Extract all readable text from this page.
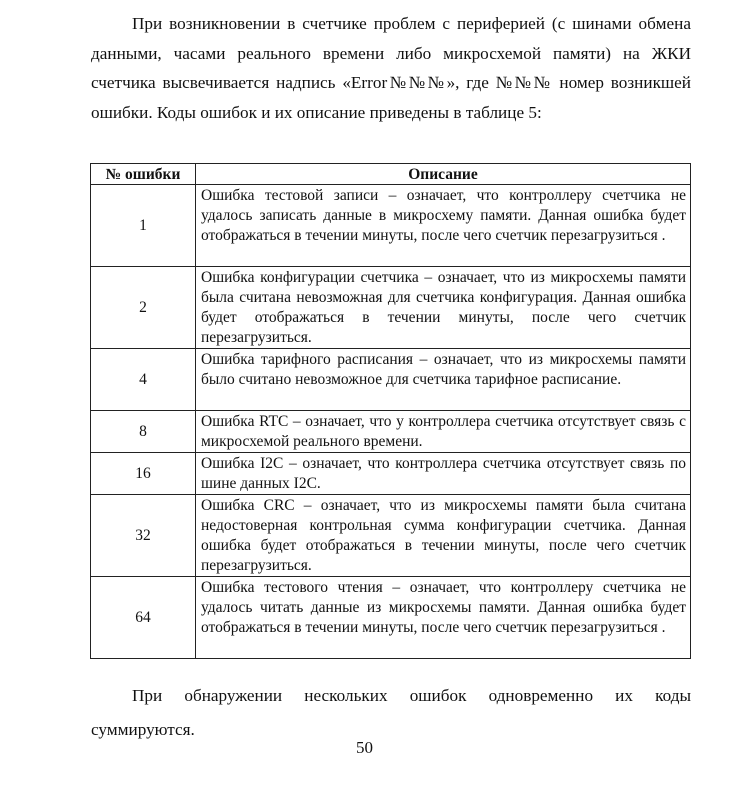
При возникновении в счетчике проблем с периферией (с шинами обмена данными, часами реального времени либо микросхемой памяти) на ЖКИ счетчика высвечивается надпись «Error№№№», где №№№ номер возникшей ошибки. Коды ошибок и их описание приведены в таблице 5:

№ ошибки	Описание
1	Ошибка тестовой записи – означает, что контроллеру счетчика не удалось записать данные в микросхему памяти. Данная ошибка будет отображаться в течении минуты, после чего счетчик перезагрузиться .
2	Ошибка конфигурации счетчика – означает, что из микросхемы памяти была считана невозможная для счетчика конфигурация. Данная ошибка будет отображаться в течении минуты, после чего счетчик перезагрузиться.
4	Ошибка тарифного расписания – означает, что из микросхемы памяти было считано невозможное для счетчика тарифное расписание.
8	Ошибка RTC – означает, что у контроллера счетчика отсутствует связь с микросхемой реального времени.
16	Ошибка I2C – означает, что контроллера счетчика отсутствует связь по шине данных I2C.
32	Ошибка CRC – означает, что из микросхемы памяти была считана недостоверная контрольная сумма конфигурации счетчика. Данная ошибка будет отображаться в течении минуты, после чего счетчик перезагрузиться.
64	Ошибка тестового чтения – означает, что контроллеру счетчика не удалось читать данные из микросхемы памяти. Данная ошибка будет отображаться в течении минуты, после чего счетчик перезагрузиться .

При обнаружении нескольких ошибок одновременно их коды суммируются.

50
